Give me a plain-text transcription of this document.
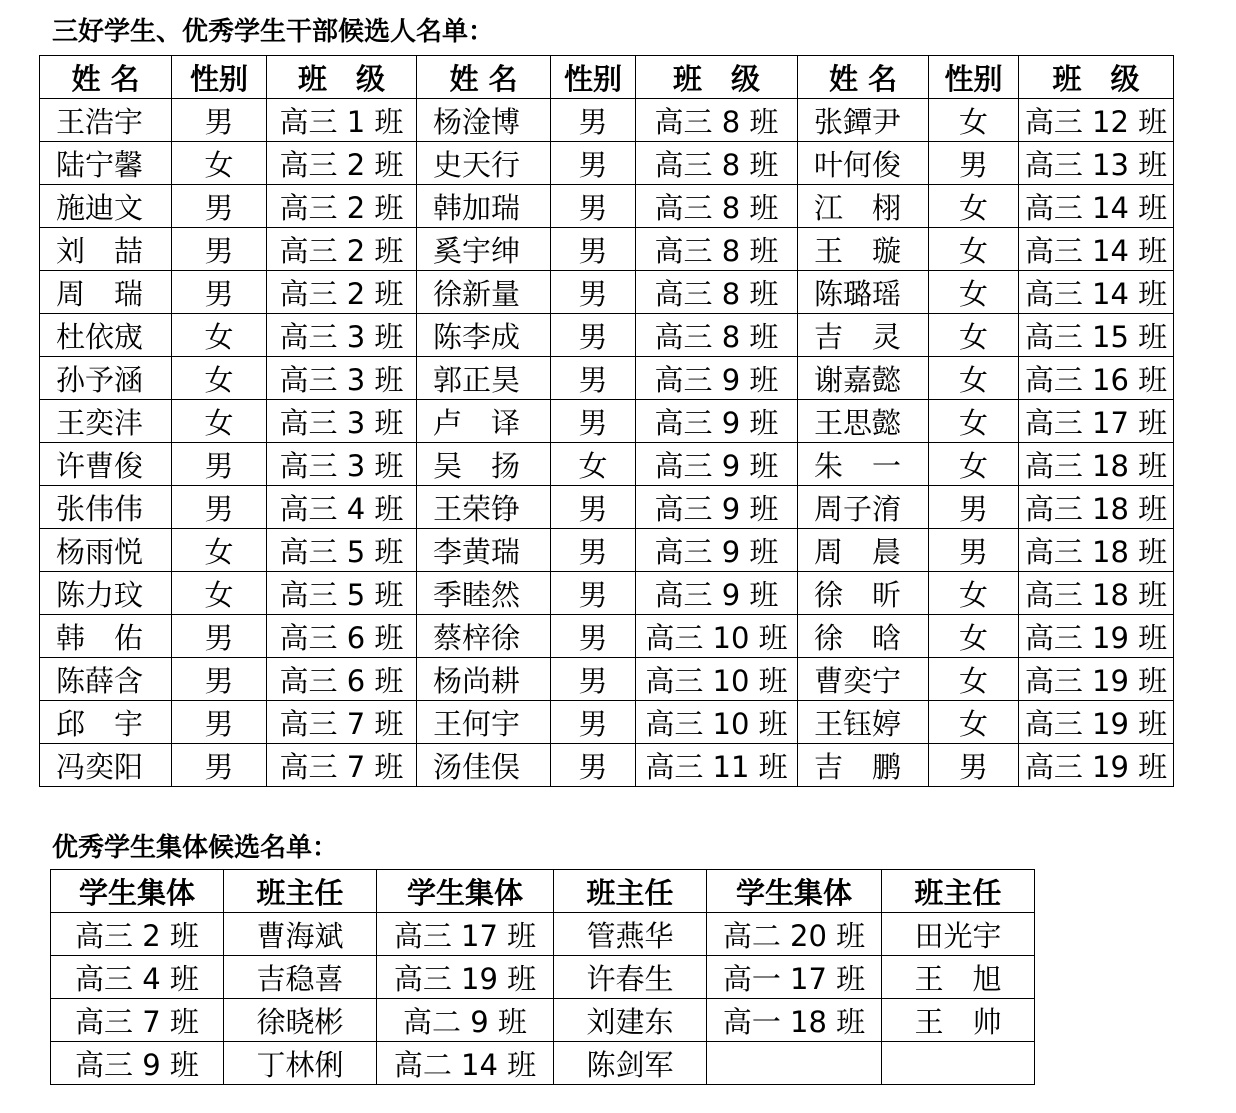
三好学生、优秀学生干部候选人名单：
姓 名	性别	班　级	姓 名	性别	班　级	姓 名	性别	班　级
王浩宇	男	高三 1 班	杨淦博	男	高三 8 班	张鐔尹	女	高三 12 班
陆宁馨	女	高三 2 班	史天行	男	高三 8 班	叶何俊	男	高三 13 班
施迪文	男	高三 2 班	韩加瑞	男	高三 8 班	江　栩	女	高三 14 班
刘　喆	男	高三 2 班	奚宇绅	男	高三 8 班	王　璇	女	高三 14 班
周　瑞	男	高三 2 班	徐新量	男	高三 8 班	陈璐瑶	女	高三 14 班
杜依宬	女	高三 3 班	陈李成	男	高三 8 班	吉　灵	女	高三 15 班
孙予涵	女	高三 3 班	郭正昊	男	高三 9 班	谢嘉懿	女	高三 16 班
王奕沣	女	高三 3 班	卢　译	男	高三 9 班	王思懿	女	高三 17 班
许曹俊	男	高三 3 班	吴　扬	女	高三 9 班	朱　一	女	高三 18 班
张伟伟	男	高三 4 班	王荣铮	男	高三 9 班	周子淯	男	高三 18 班
杨雨悦	女	高三 5 班	李黄瑞	男	高三 9 班	周　晨	男	高三 18 班
陈力玟	女	高三 5 班	季睦然	男	高三 9 班	徐　昕	女	高三 18 班
韩　佑	男	高三 6 班	蔡梓徐	男	高三 10 班	徐　晗	女	高三 19 班
陈薛含	男	高三 6 班	杨尚耕	男	高三 10 班	曹奕宁	女	高三 19 班
邱　宇	男	高三 7 班	王何宇	男	高三 10 班	王钰婷	女	高三 19 班
冯奕阳	男	高三 7 班	汤佳俣	男	高三 11 班	吉　鹏	男	高三 19 班
优秀学生集体候选名单：
学生集体	班主任	学生集体	班主任	学生集体	班主任
高三 2 班	曹海斌	高三 17 班	管燕华	高二 20 班	田光宇
高三 4 班	吉稳喜	高三 19 班	许春生	高一 17 班	王　旭
高三 7 班	徐晓彬	高二 9 班	刘建东	高一 18 班	王　帅
高三 9 班	丁林俐	高二 14 班	陈剑军		
